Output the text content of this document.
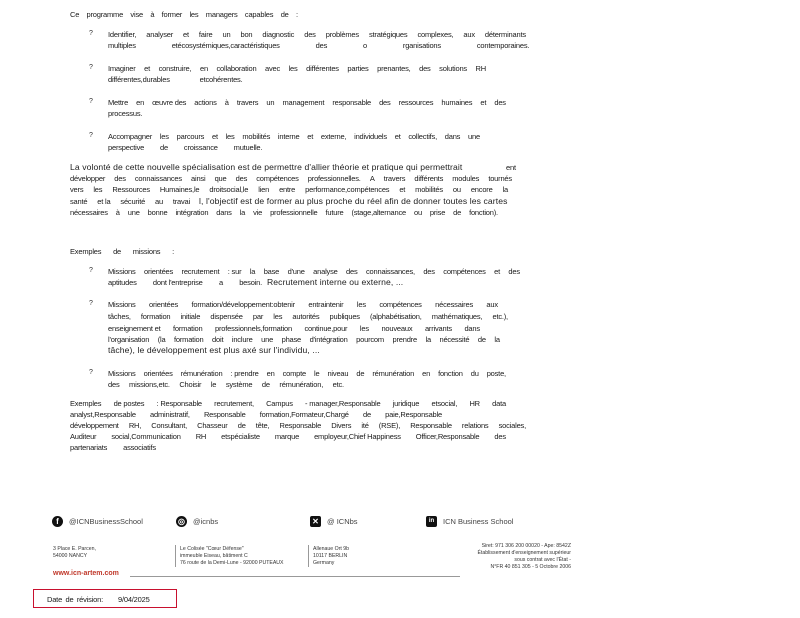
Ce programme vise à former les managers capables de :
? Identifier, analyser et faire un bon diagnostic des problèmes stratégiques complexes, aux déterminants
multiples	etécosystémiques,caractéristiques	des	o	rganisations	contemporaines.
? Imaginer et construire, en collaboration avec les différentes parties prenantes, des solutions RH
différentes,durables	etcohérentes.
? Mettre en œuvre des actions à travers un management responsable des ressources humaines et des
processus.
? Accompagner les parcours et les mobilités interne et externe, individuels et collectifs, dans une
perspective de croissance mutuelle.
La volonté de cette nouvelle spécialisation est de permettre d'allier théorie et pratique qui permettrait	ent
développer des connaissances ainsi que des compétences professionnelles. A travers différents modules tournés
vers les Ressources Humaines,le droitsocial,le lien entre performance,compétences et mobilités ou encore la
santé et la sécurité au travai l, l'objectif est de former au plus proche du réel afin de donner toutes les cartes
nécessaires à une bonne intégration dans la vie professionnelle future (stage,alternance ou prise de fonction).
Exemples de missions :
? Missions orientées recrutement : sur la base d'une analyse des connaissances, des compétences et des
aptitudes dont l'entreprise a besoin. Recrutement interne ou externe, ...
? Missions orientées formation/développement:obtenir entraintenir les compétences nécessaires aux
tâches, formation initiale dispensée par les autorités publiques (alphabétisation, mathématiques, etc.),
enseignement et formation professionnels,formation continue,pour les nouveaux arrivants dans
l'organisation (la formation doit inclure une phase d'intégration pourcom prendre la nécessité de la
tâche), le développement est plus axé sur l'individu, ...
? Missions orientées rémunération : prendre en compte le niveau de rémunération en fonction du poste,
des missions,etc. Choisir le système de rémunération, etc.
Exemples de postes : Responsable recrutement, Campus - manager,Responsable juridique etsocial, HR data
analyst,Responsable administratif, Responsable formation,Formateur,Chargé de paie,Responsable
développement RH, Consultant, Chasseur de tête, Responsable Divers ité (RSE), Responsable relations sociales,
Auditeur social,Communication RH etspécialiste marque employeur,Chief Happiness Officer,Responsable des
partenariats associatifs
f	@ICNBusinessSchool	◎ @icnbs	✕ @ ICNbs	in	ICN Business School
3 Place E. Parcen,
54000 NANCY
Le Colisée "Cœur Défense"
immeuble Eiseau, bâtiment C
76 route de la Demi-Lune - 92000 PUTEAUX
Allenaue Ort 9b
10117 BERLIN
Germany
Siret: 971 306 200 00020 - Ape: 8542Z
Établissement d'enseignement supérieur
sous contrat avec l'État -
N°FR 40 851 305 - 5 Octobre 2006
www.icn-artem.com
Date de révision: 9/04/2025
